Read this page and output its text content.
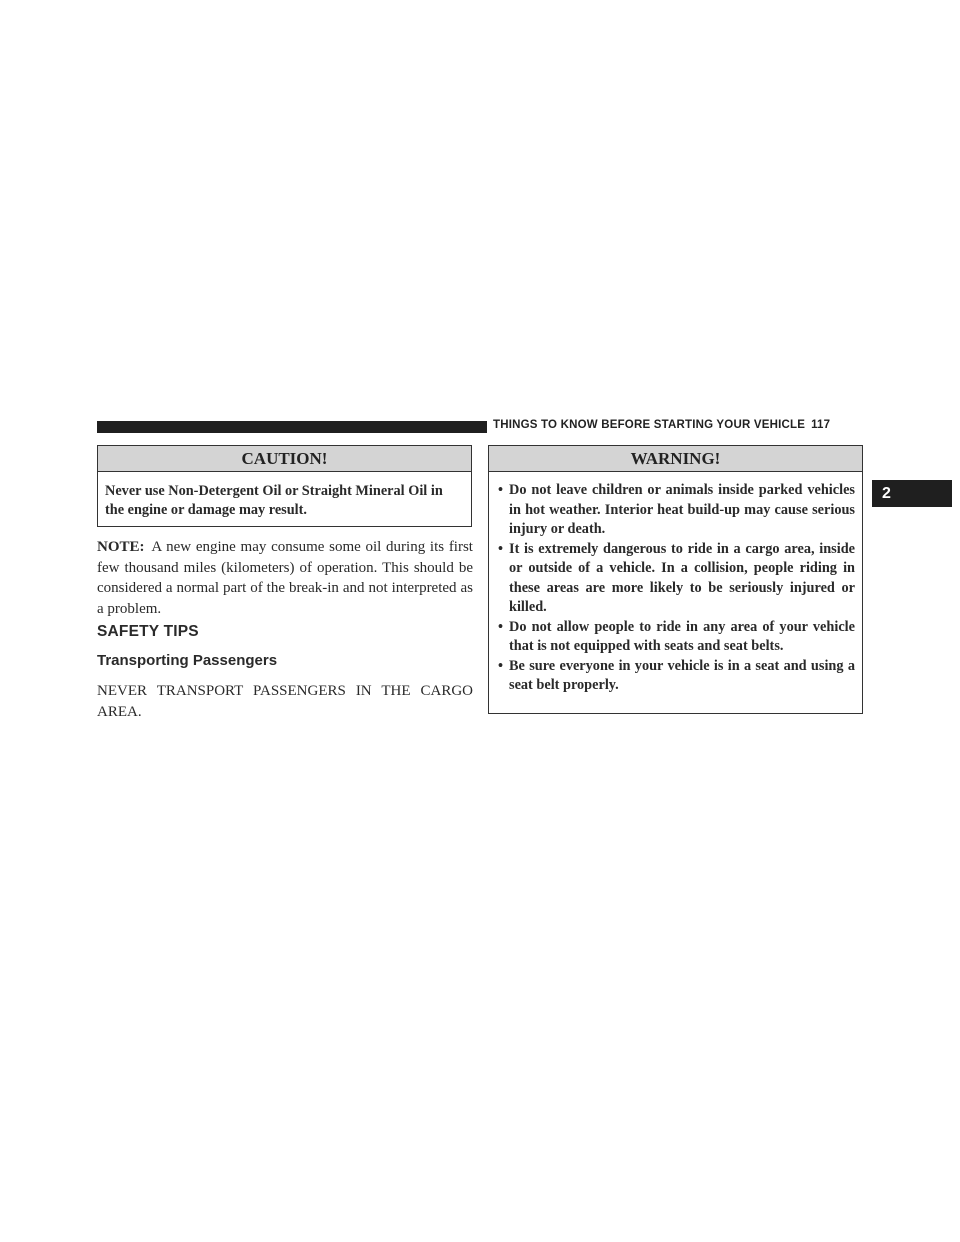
THINGS TO KNOW BEFORE STARTING YOUR VEHICLE 117
2
CAUTION!
Never use Non-Detergent Oil or Straight Mineral Oil in the engine or damage may result.
NOTE: A new engine may consume some oil during its first few thousand miles (kilometers) of operation. This should be considered a normal part of the break-in and not interpreted as a problem.
SAFETY TIPS
Transporting Passengers
NEVER TRANSPORT PASSENGERS IN THE CARGO AREA.
WARNING!
• Do not leave children or animals inside parked vehicles in hot weather. Interior heat build-up may cause serious injury or death.
• It is extremely dangerous to ride in a cargo area, inside or outside of a vehicle. In a collision, people riding in these areas are more likely to be seriously injured or killed.
• Do not allow people to ride in any area of your vehicle that is not equipped with seats and seat belts.
• Be sure everyone in your vehicle is in a seat and using a seat belt properly.
